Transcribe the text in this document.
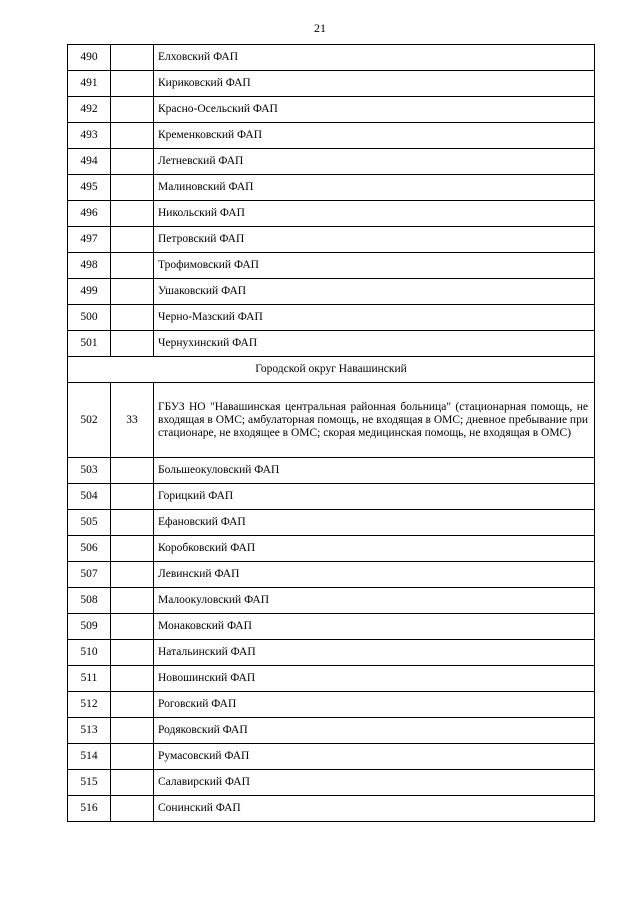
21
490		Елховский ФАП
491		Кириковский ФАП
492		Красно-Осельский ФАП
493		Кременковский ФАП
494		Летневский ФАП
495		Малиновский ФАП
496		Никольский ФАП
497		Петровский ФАП
498		Трофимовский ФАП
499		Ушаковский ФАП
500		Черно-Мазский ФАП
501		Чернухинский ФАП
Городской округ Навашинский		
502	33	ГБУЗ НО "Навашинская центральная районная больница" (стационарная помощь, не входящая в ОМС; амбулаторная помощь, не входящая в ОМС; дневное пребывание при стационаре, не входящее в ОМС; скорая медицинская помощь, не входящая в ОМС)
503		Большеокуловский ФАП
504		Горицкий ФАП
505		Ефановский ФАП
506		Коробковский ФАП
507		Левинский ФАП
508		Малоокуловский ФАП
509		Монаковский ФАП
510		Натальинский ФАП
511		Новошинский ФАП
512		Роговский ФАП
513		Родяковский ФАП
514		Румасовский ФАП
515		Салавирский ФАП
516		Сонинский ФАП
